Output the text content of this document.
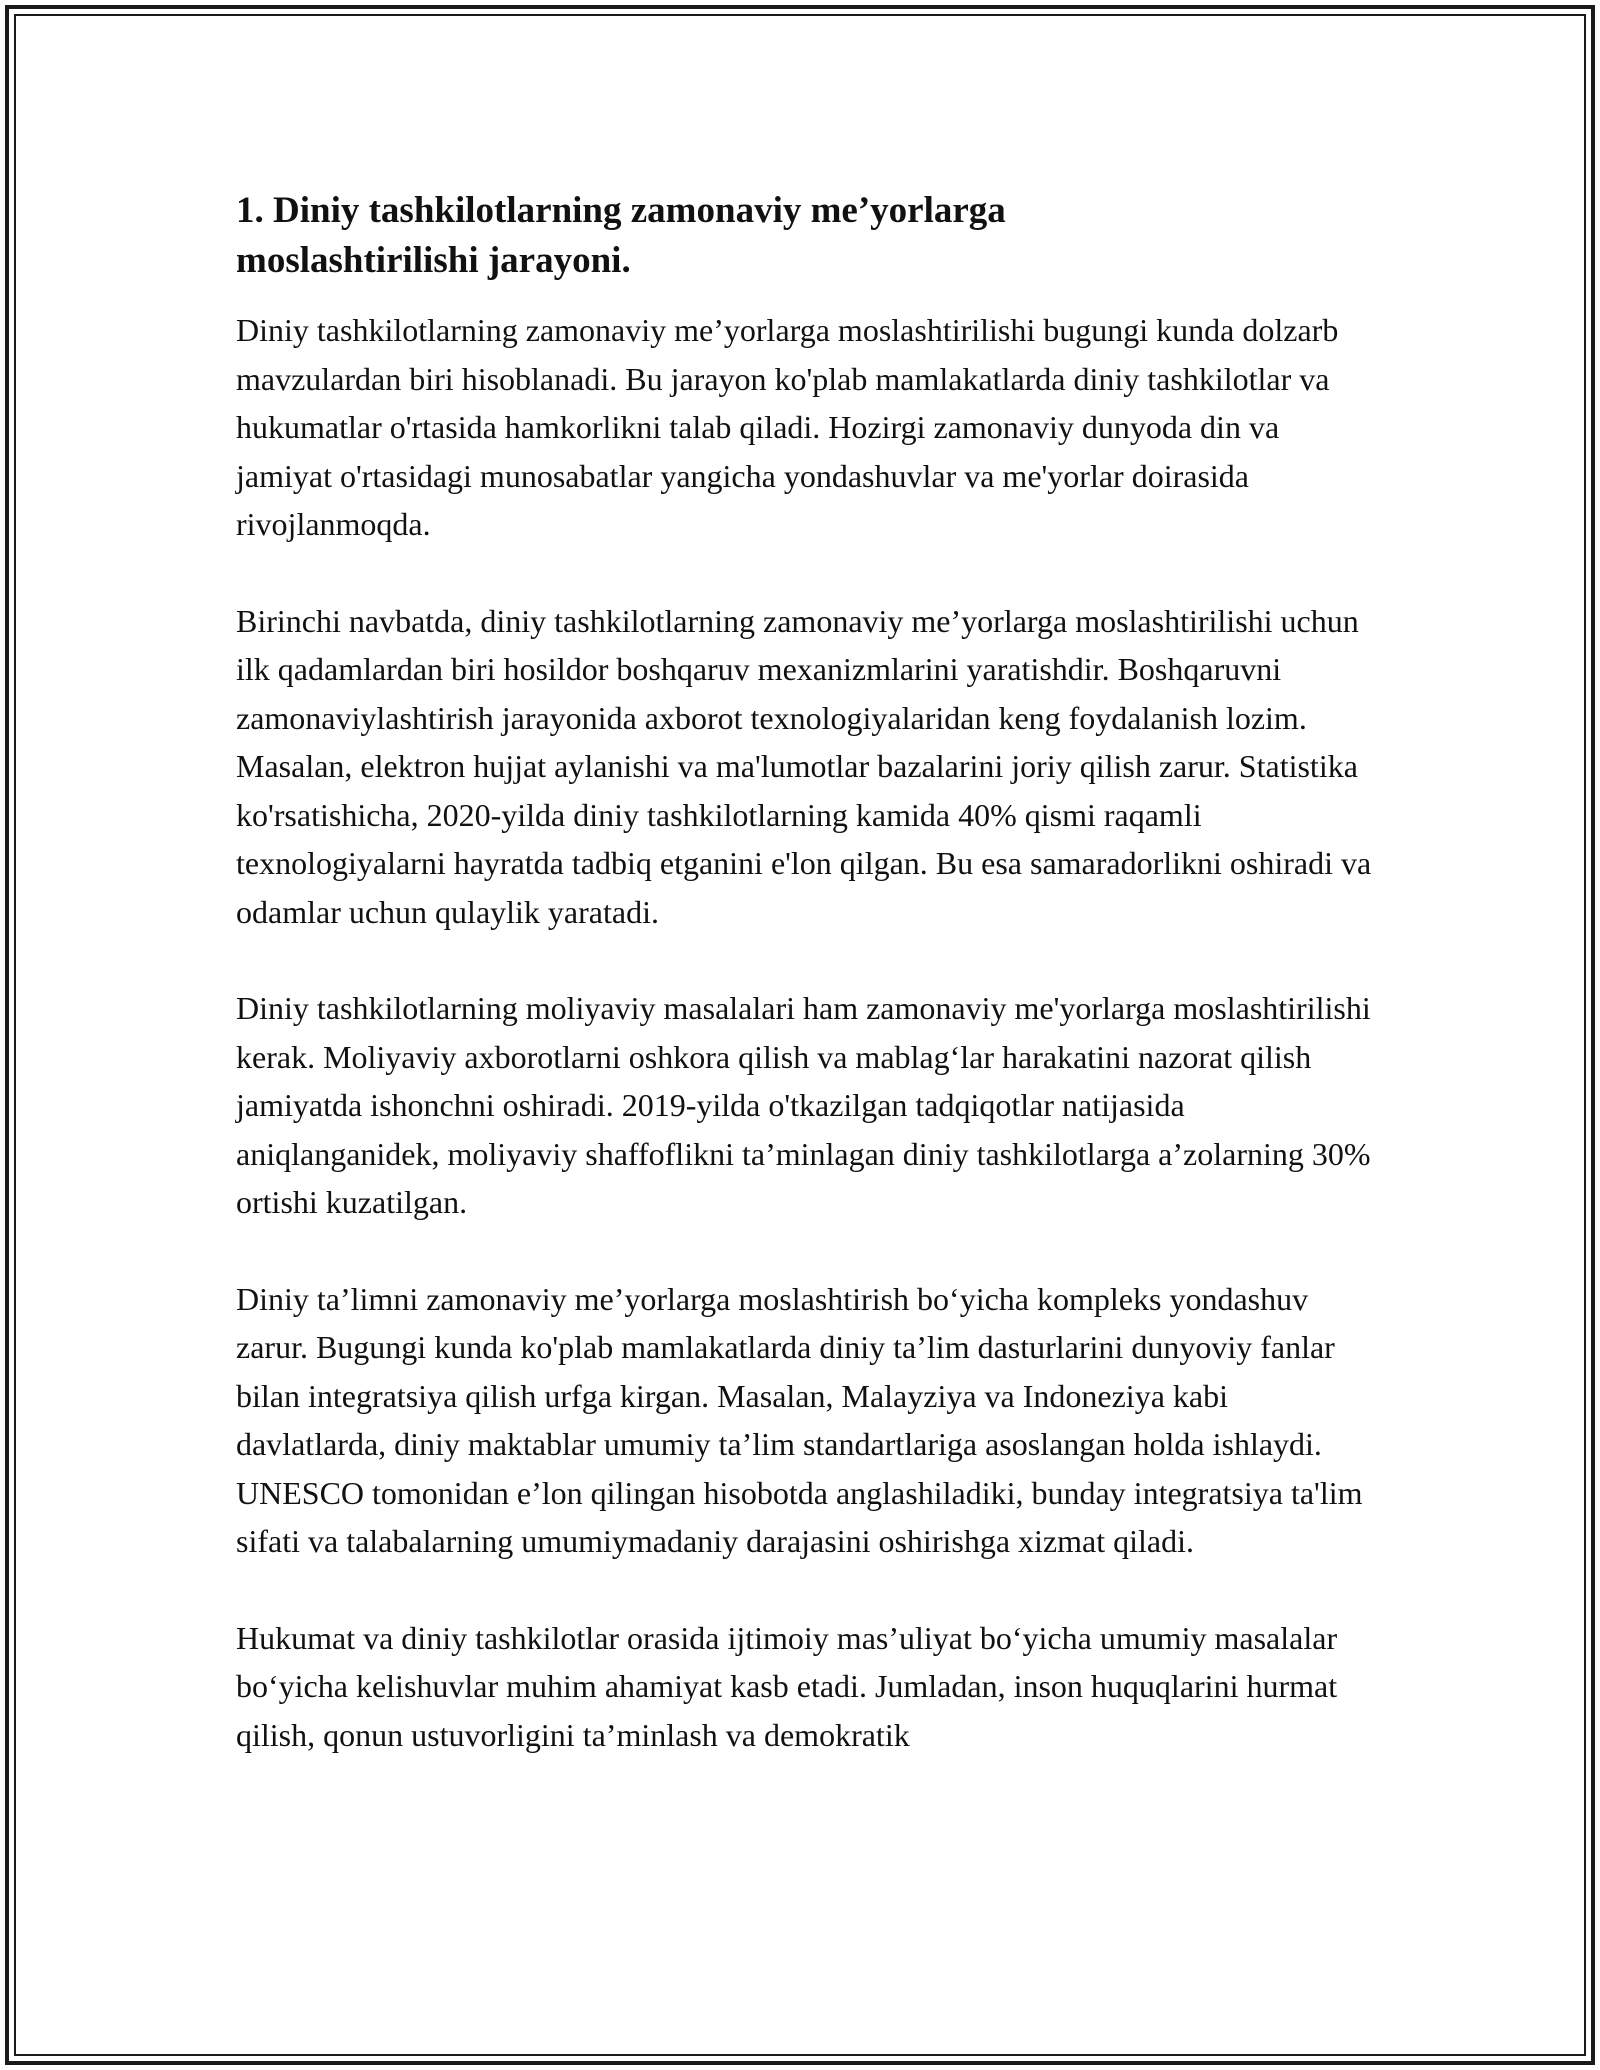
1. Diniy tashkilotlarning zamonaviy me’yorlarga moslashtirilishi jarayoni.

Diniy tashkilotlarning zamonaviy me’yorlarga moslashtirilishi bugungi kunda dolzarb mavzulardan biri hisoblanadi. Bu jarayon ko'plab mamlakatlarda diniy tashkilotlar va hukumatlar o'rtasida hamkorlikni talab qiladi. Hozirgi zamonaviy dunyoda din va jamiyat o'rtasidagi munosabatlar yangicha yondashuvlar va me'yorlar doirasida rivojlanmoqda.

Birinchi navbatda, diniy tashkilotlarning zamonaviy me’yorlarga moslashtirilishi uchun ilk qadamlardan biri hosildor boshqaruv mexanizmlarini yaratishdir. Boshqaruvni zamonaviylashtirish jarayonida axborot texnologiyalaridan keng foydalanish lozim. Masalan, elektron hujjat aylanishi va ma'lumotlar bazalarini joriy qilish zarur. Statistika ko'rsatishicha, 2020-yilda diniy tashkilotlarning kamida 40% qismi raqamli texnologiyalarni hayratda tadbiq etganini e'lon qilgan. Bu esa samaradorlikni oshiradi va odamlar uchun qulaylik yaratadi.

Diniy tashkilotlarning moliyaviy masalalari ham zamonaviy me'yorlarga moslashtirilishi kerak. Moliyaviy axborotlarni oshkora qilish va mablag‘lar harakatini nazorat qilish jamiyatda ishonchni oshiradi. 2019-yilda o'tkazilgan tadqiqotlar natijasida aniqlanganidek, moliyaviy shaffoflikni ta’minlagan diniy tashkilotlarga a’zolarning 30% ortishi kuzatilgan.

Diniy ta’limni zamonaviy me’yorlarga moslashtirish bo‘yicha kompleks yondashuv zarur. Bugungi kunda ko'plab mamlakatlarda diniy ta’lim dasturlarini dunyoviy fanlar bilan integratsiya qilish urfga kirgan. Masalan, Malayziya va Indoneziya kabi davlatlarda, diniy maktablar umumiy ta’lim standartlariga asoslangan holda ishlaydi. UNESCO tomonidan e’lon qilingan hisobotda anglashiladiki, bunday integratsiya ta'lim sifati va talabalarning umumiymadaniy darajasini oshirishga xizmat qiladi.

Hukumat va diniy tashkilotlar orasida ijtimoiy mas’uliyat bo‘yicha umumiy masalalar bo‘yicha kelishuvlar muhim ahamiyat kasb etadi. Jumladan, inson huquqlarini hurmat qilish, qonun ustuvorligini ta’minlash va demokratik
